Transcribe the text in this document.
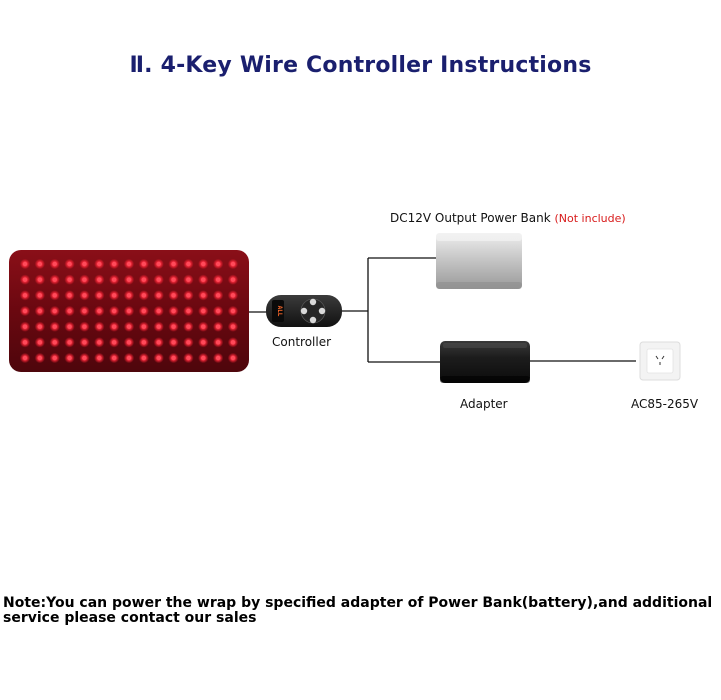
Ⅱ. 4-Key Wire Controller Instructions
ALL
DC12V Output Power Bank (Not include)
Controller
Adapter	AC85-265V
Note:You can power the wrap by specified adapter of Power Bank(battery),and additional service please contact our sales
